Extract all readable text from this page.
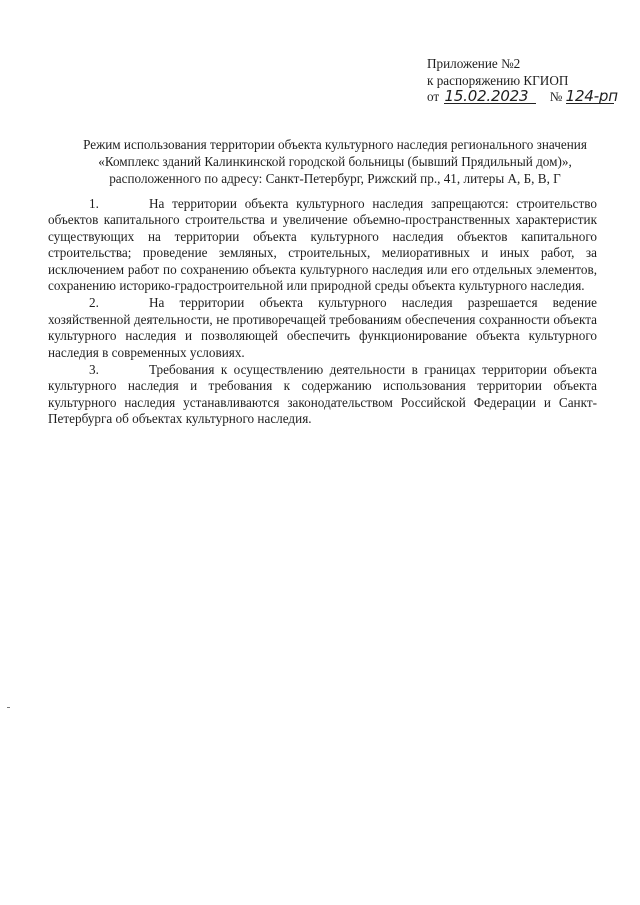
Приложение №2
к распоряжению КГИОП
от 15.02.2023 № 124-рп
Режим использования территории объекта культурного наследия регионального значения
«Комплекс зданий Калинкинской городской больницы (бывший Прядильный дом)»,
расположенного по адресу: Санкт-Петербург, Рижский пр., 41, литеры А, Б, В, Г

1.	На территории объекта культурного наследия запрещаются: строительство объектов капитального строительства и увеличение объемно-пространственных характеристик существующих на территории объекта культурного наследия объектов капитального строительства; проведение земляных, строительных, мелиоративных и иных работ, за исключением работ по сохранению объекта культурного наследия или его отдельных элементов, сохранению историко-градостроительной или природной среды объекта культурного наследия.

2.	На территории объекта культурного наследия разрешается ведение хозяйственной деятельности, не противоречащей требованиям обеспечения сохранности объекта культурного наследия и позволяющей обеспечить функционирование объекта культурного наследия в современных условиях.

3.	Требования к осуществлению деятельности в границах территории объекта культурного наследия и требования к содержанию использования территории объекта культурного наследия устанавливаются законодательством Российской Федерации и Санкт-Петербурга об объектах культурного наследия.
